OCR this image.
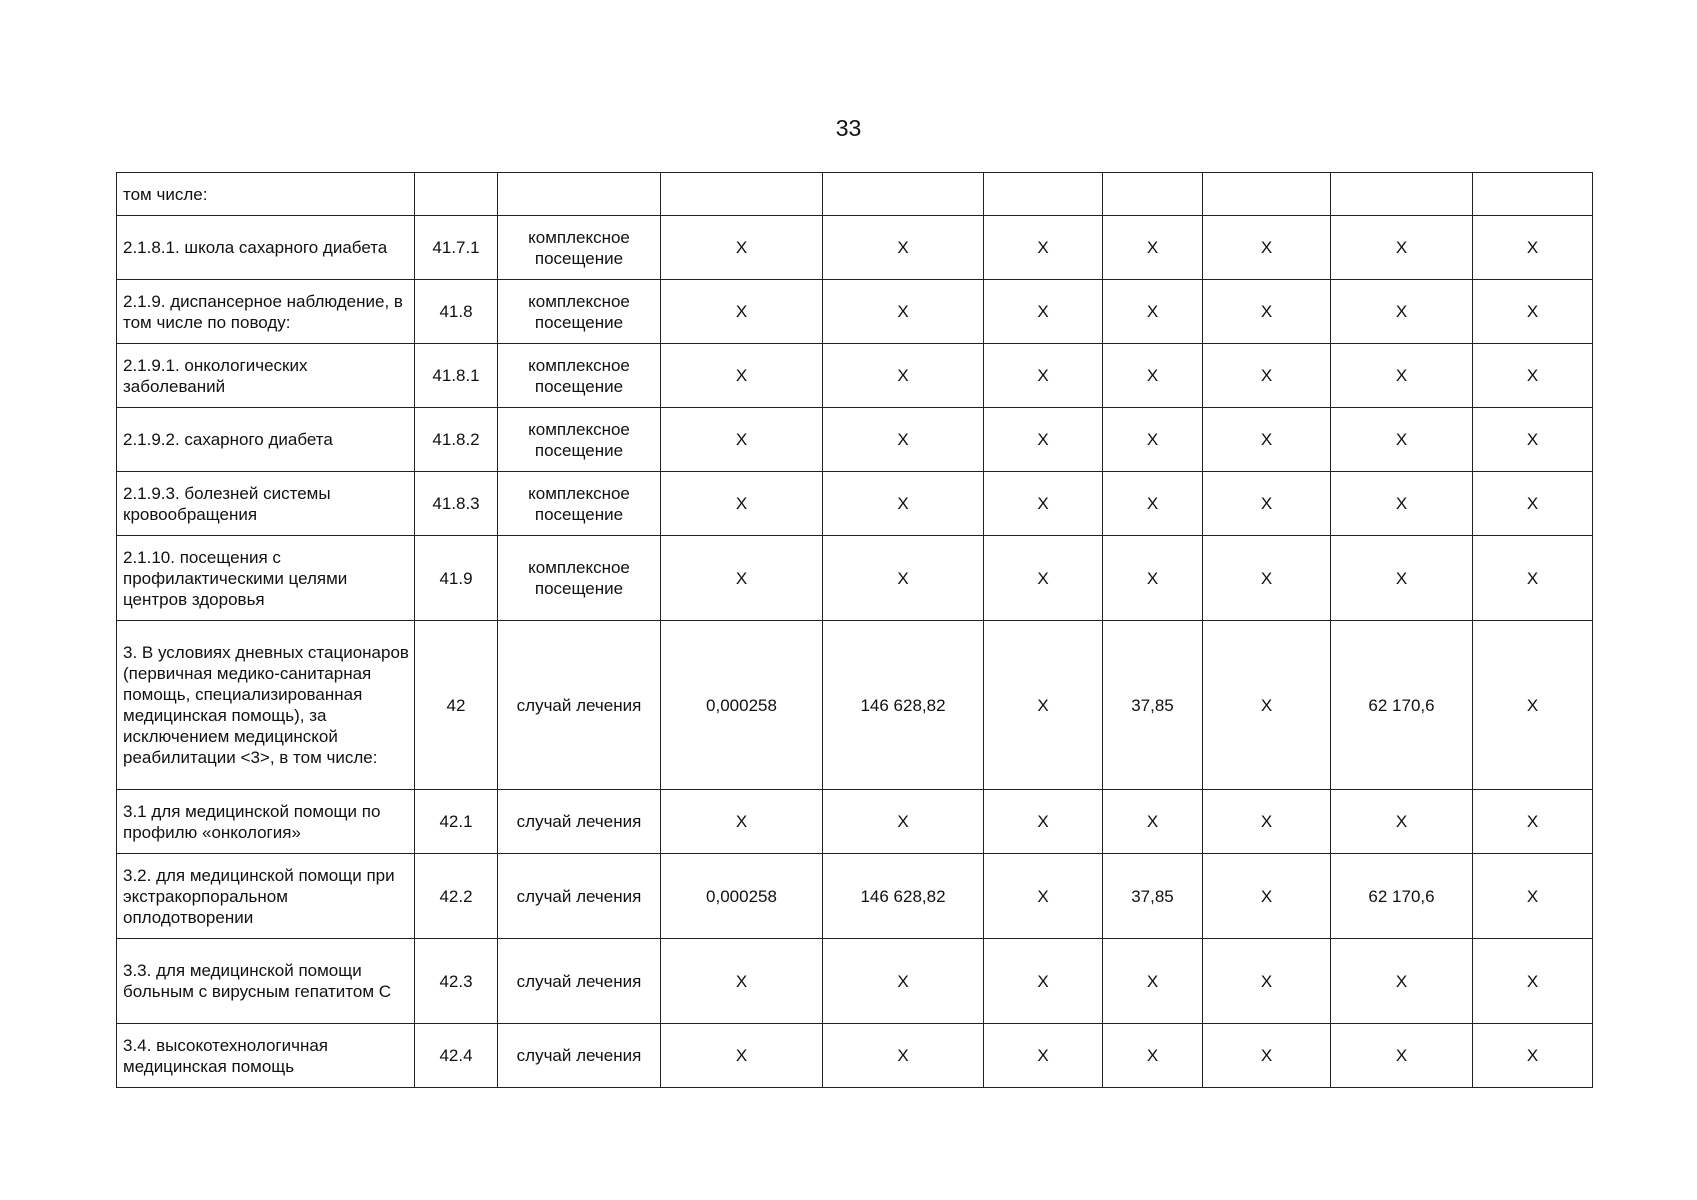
33
том числе:									
2.1.8.1. школа сахарного диабета	41.7.1	комплексное посещение	X	X	X	X	X	X	X
2.1.9. диспансерное наблюдение, в том числе по поводу:	41.8	комплексное посещение	X	X	X	X	X	X	X
2.1.9.1. онкологических заболеваний	41.8.1	комплексное посещение	X	X	X	X	X	X	X
2.1.9.2. сахарного диабета	41.8.2	комплексное посещение	X	X	X	X	X	X	X
2.1.9.3. болезней системы кровообращения	41.8.3	комплексное посещение	X	X	X	X	X	X	X
2.1.10. посещения с профилактическими целями центров здоровья	41.9	комплексное посещение	X	X	X	X	X	X	X
3. В условиях дневных стационаров (первичная медико-санитарная помощь, специализированная медицинская помощь), за исключением медицинской реабилитации <3>, в том числе:	42	случай лечения	0,000258	146 628,82	X	37,85	X	62 170,6	X
3.1 для медицинской помощи по профилю «онкология»	42.1	случай лечения	X	X	X	X	X	X	X
3.2. для медицинской помощи при экстракорпоральном оплодотворении	42.2	случай лечения	0,000258	146 628,82	X	37,85	X	62 170,6	X
3.3. для медицинской помощи больным с вирусным гепатитом С	42.3	случай лечения	X	X	X	X	X	X	X
3.4. высокотехнологичная медицинская помощь	42.4	случай лечения	X	X	X	X	X	X	X
